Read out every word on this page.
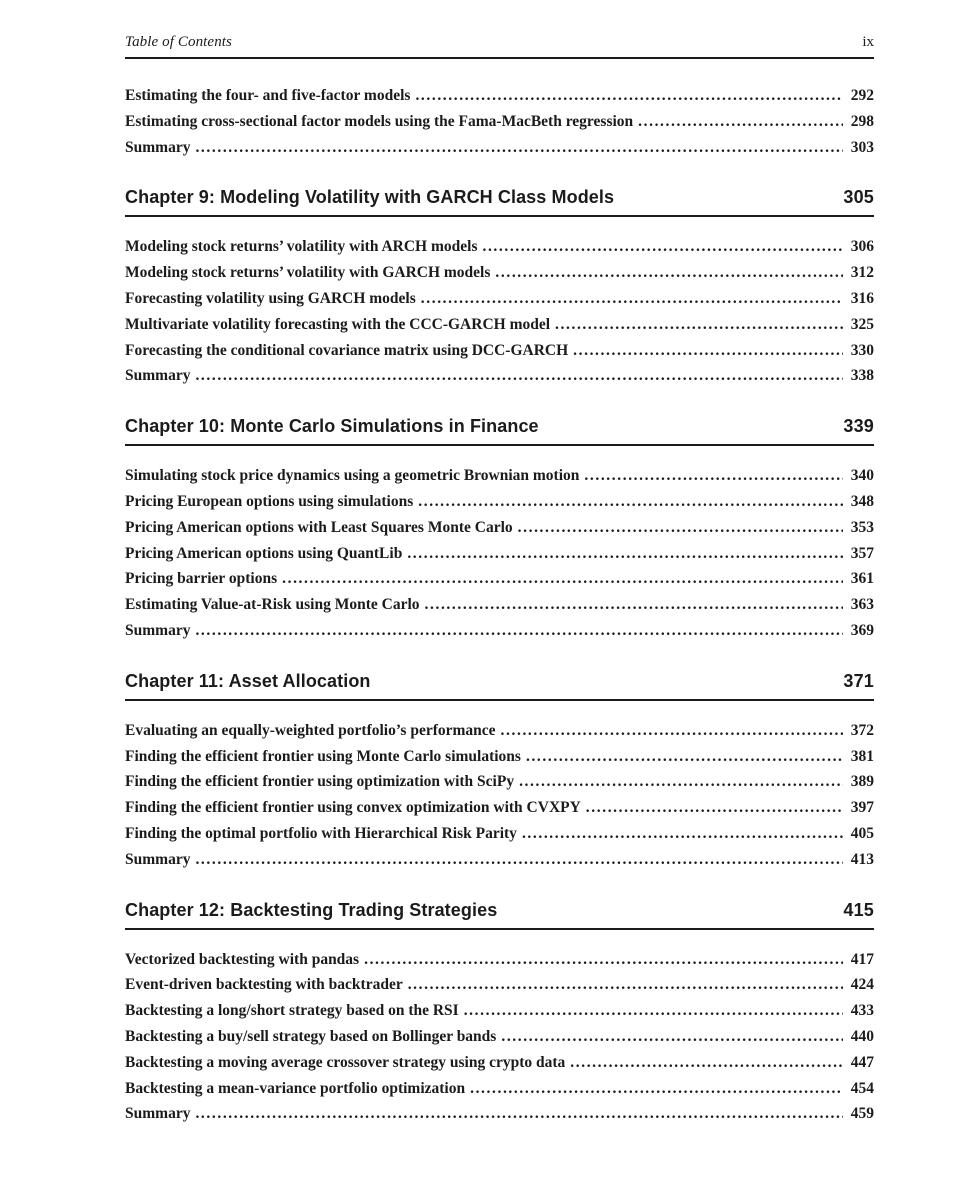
Table of Contents	ix
Estimating the four- and five-factor models .....	292
Estimating cross-sectional factor models using the Fama-MacBeth regression .....	298
Summary .....	303
Chapter 9: Modeling Volatility with GARCH Class Models	305
Modeling stock returns’ volatility with ARCH models .....	306
Modeling stock returns’ volatility with GARCH models .....	312
Forecasting volatility using GARCH models .....	316
Multivariate volatility forecasting with the CCC-GARCH model .....	325
Forecasting the conditional covariance matrix using DCC-GARCH .....	330
Summary .....	338
Chapter 10: Monte Carlo Simulations in Finance	339
Simulating stock price dynamics using a geometric Brownian motion .....	340
Pricing European options using simulations .....	348
Pricing American options with Least Squares Monte Carlo .....	353
Pricing American options using QuantLib .....	357
Pricing barrier options .....	361
Estimating Value-at-Risk using Monte Carlo .....	363
Summary .....	369
Chapter 11: Asset Allocation	371
Evaluating an equally-weighted portfolio’s performance .....	372
Finding the efficient frontier using Monte Carlo simulations .....	381
Finding the efficient frontier using optimization with SciPy .....	389
Finding the efficient frontier using convex optimization with CVXPY .....	397
Finding the optimal portfolio with Hierarchical Risk Parity .....	405
Summary .....	413
Chapter 12: Backtesting Trading Strategies	415
Vectorized backtesting with pandas .....	417
Event-driven backtesting with backtrader .....	424
Backtesting a long/short strategy based on the RSI .....	433
Backtesting a buy/sell strategy based on Bollinger bands .....	440
Backtesting a moving average crossover strategy using crypto data .....	447
Backtesting a mean-variance portfolio optimization .....	454
Summary .....	459
